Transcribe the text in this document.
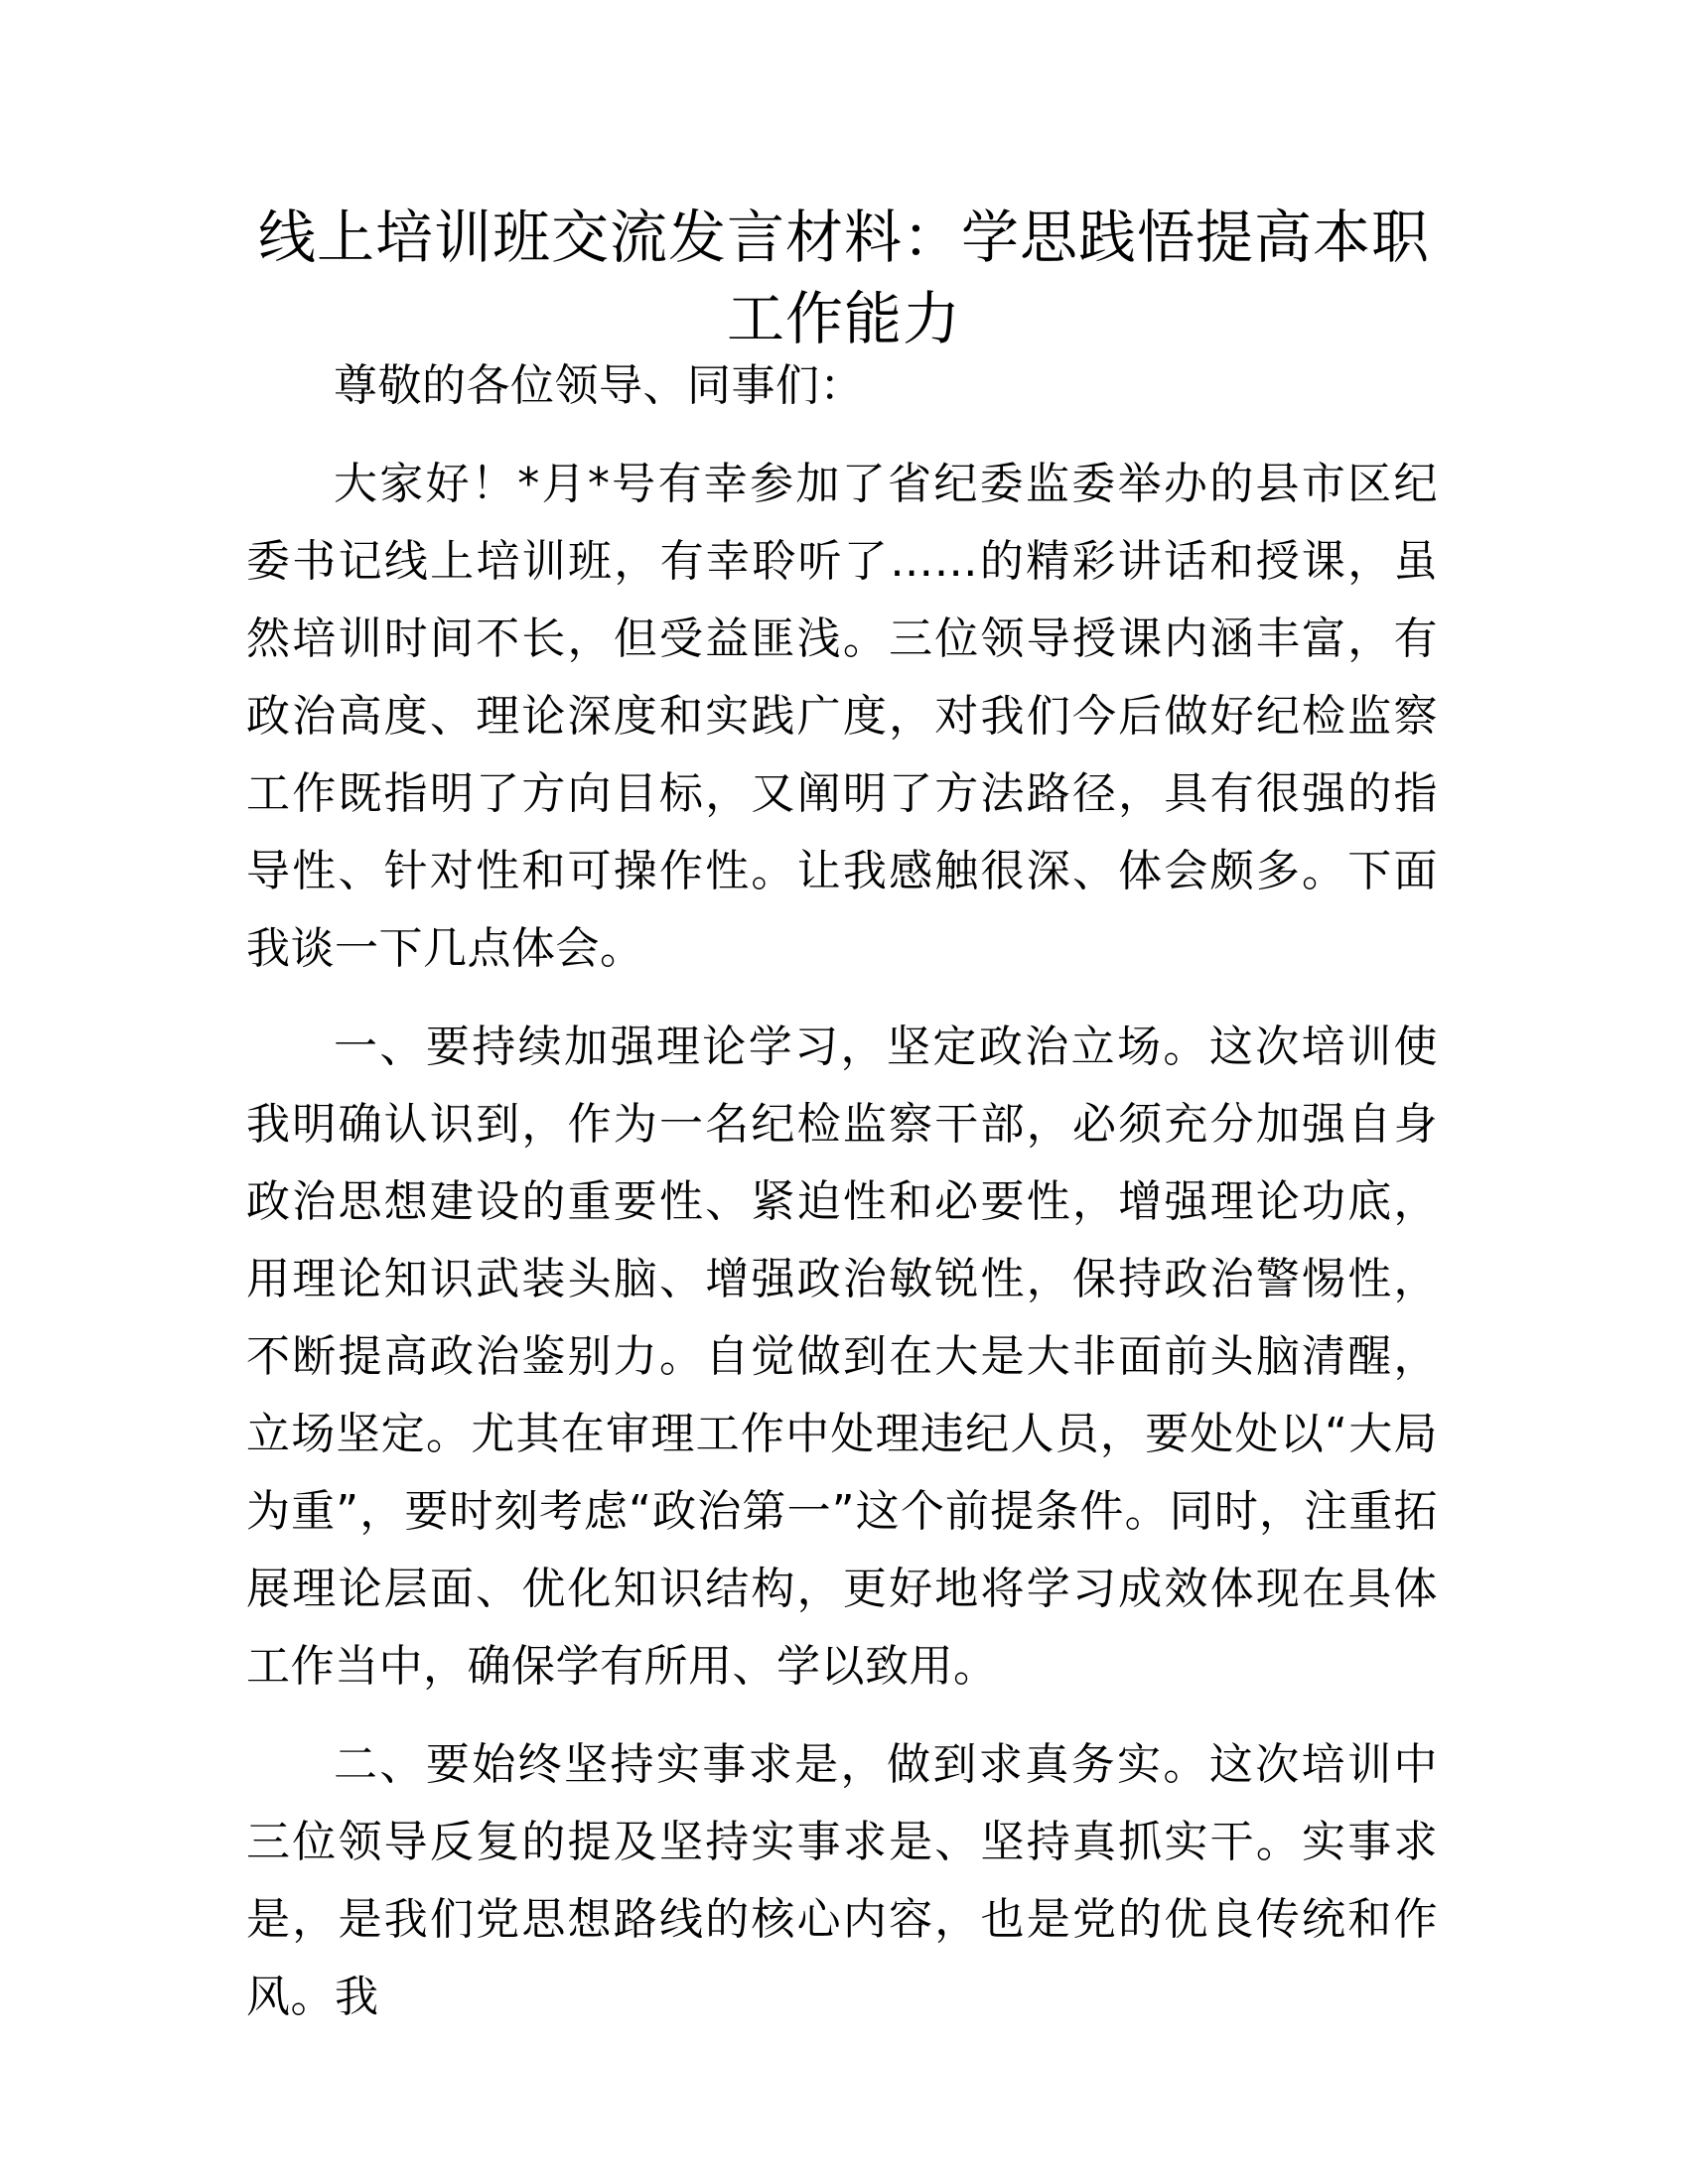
线上培训班交流发言材料：学思践悟提高本职
工作能力

尊敬的各位领导、同事们：

大家好！*月*号有幸参加了省纪委监委举办的县市区纪委书记线上培训班，有幸聆听了……的精彩讲话和授课，虽然培训时间不长，但受益匪浅。三位领导授课内涵丰富，有政治高度、理论深度和实践广度，对我们今后做好纪检监察工作既指明了方向目标，又阐明了方法路径，具有很强的指导性、针对性和可操作性。让我感触很深、体会颇多。下面我谈一下几点体会。

一、要持续加强理论学习，坚定政治立场。这次培训使我明确认识到，作为一名纪检监察干部，必须充分加强自身政治思想建设的重要性、紧迫性和必要性，增强理论功底，用理论知识武装头脑、增强政治敏锐性，保持政治警惕性，不断提高政治鉴别力。自觉做到在大是大非面前头脑清醒，立场坚定。尤其在审理工作中处理违纪人员，要处处以“大局为重”，要时刻考虑“政治第一”这个前提条件。同时，注重拓展理论层面、优化知识结构，更好地将学习成效体现在具体工作当中，确保学有所用、学以致用。

二、要始终坚持实事求是，做到求真务实。这次培训中三位领导反复的提及坚持实事求是、坚持真抓实干。实事求是，是我们党思想路线的核心内容，也是党的优良传统和作风。我
